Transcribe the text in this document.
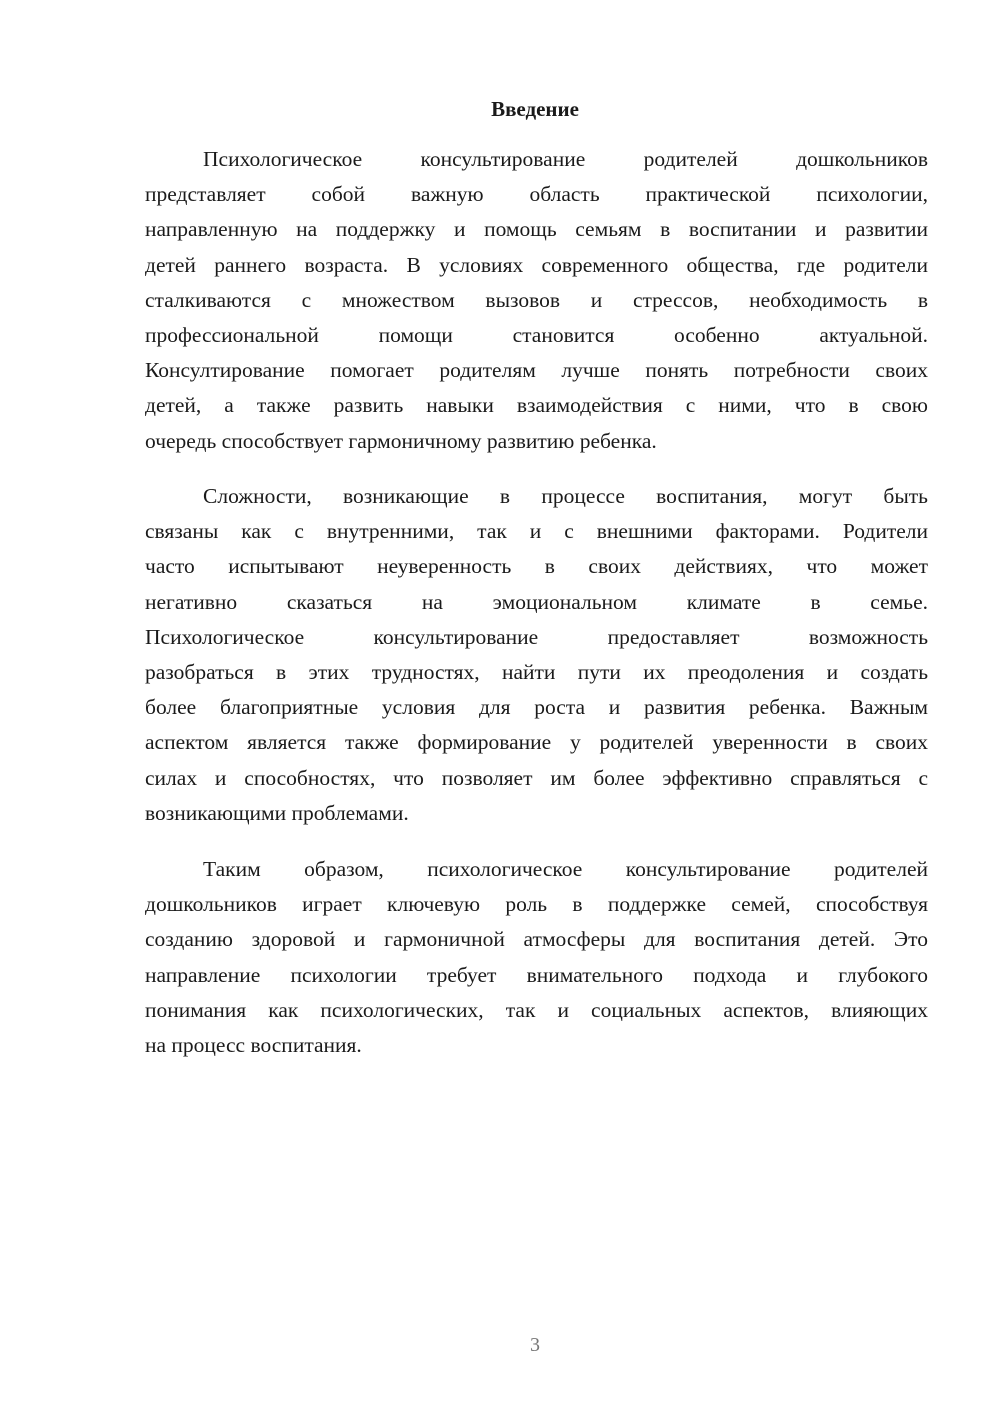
Введение
Психологическое консультирование родителей дошкольников
представляет собой важную область практической психологии,
направленную на поддержку и помощь семьям в воспитании и развитии
детей раннего возраста. В условиях современного общества, где родители
сталкиваются с множеством вызовов и стрессов, необходимость в
профессиональной помощи становится особенно актуальной.
Консултирование помогает родителям лучше понять потребности своих
детей, а также развить навыки взаимодействия с ними, что в свою
очередь способствует гармоничному развитию ребенка.
Сложности, возникающие в процессе воспитания, могут быть
связаны как с внутренними, так и с внешними факторами. Родители
часто испытывают неуверенность в своих действиях, что может
негативно сказаться на эмоциональном климате в семье.
Психологическое консультирование предоставляет возможность
разобраться в этих трудностях, найти пути их преодоления и создать
более благоприятные условия для роста и развития ребенка. Важным
аспектом является также формирование у родителей уверенности в своих
силах и способностях, что позволяет им более эффективно справляться с
возникающими проблемами.
Таким образом, психологическое консультирование родителей
дошкольников играет ключевую роль в поддержке семей, способствуя
созданию здоровой и гармоничной атмосферы для воспитания детей. Это
направление психологии требует внимательного подхода и глубокого
понимания как психологических, так и социальных аспектов, влияющих
на процесс воспитания.
3
